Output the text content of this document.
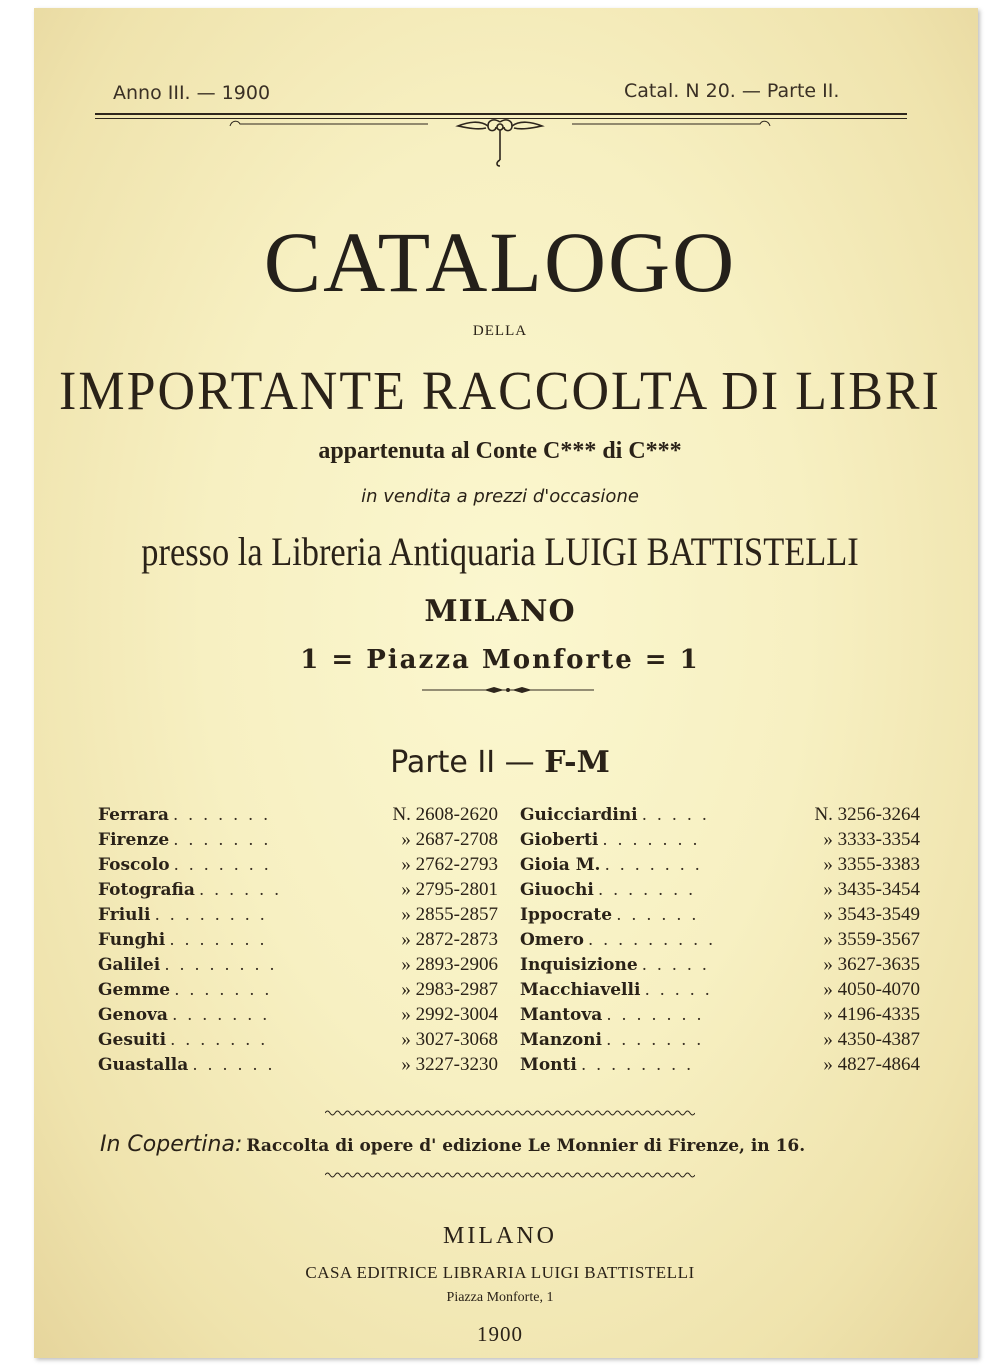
Anno III. — 1900	Catal. N 20. — Parte II.
CATALOGO
DELLA
IMPORTANTE RACCOLTA DI LIBRI
appartenuta al Conte C*** di C***
in vendita a prezzi d'occasione
presso la Libreria Antiquaria LUIGI BATTISTELLI
MILANO
1 = Piazza Monforte = 1
Parte II — F-M
Ferrara . . . . . . .	N. 2608-2620
Firenze . . . . . . .	» 2687-2708
Foscolo . . . . . . .	» 2762-2793
Fotografia . . . . . .	» 2795-2801
Friuli . . . . . . . .	» 2855-2857
Funghi . . . . . . .	» 2872-2873
Galilei . . . . . . . .	» 2893-2906
Gemme . . . . . . .	» 2983-2987
Genova . . . . . . .	» 2992-3004
Gesuiti . . . . . . .	» 3027-3068
Guastalla . . . . . .	» 3227-3230
Guicciardini . . . . .	N. 3256-3264
Gioberti . . . . . . .	» 3333-3354
Gioia M. . . . . . . .	» 3355-3383
Giuochi . . . . . . .	» 3435-3454
Ippocrate . . . . . .	» 3543-3549
Omero . . . . . . . . .	» 3559-3567
Inquisizione . . . . .	» 3627-3635
Macchiavelli . . . . .	» 4050-4070
Mantova . . . . . . .	» 4196-4335
Manzoni . . . . . . .	» 4350-4387
Monti . . . . . . . .	» 4827-4864
In Copertina: Raccolta di opere d' edizione Le Monnier di Firenze, in 16.
MILANO
CASA EDITRICE LIBRARIA LUIGI BATTISTELLI
Piazza Monforte, 1
1900
